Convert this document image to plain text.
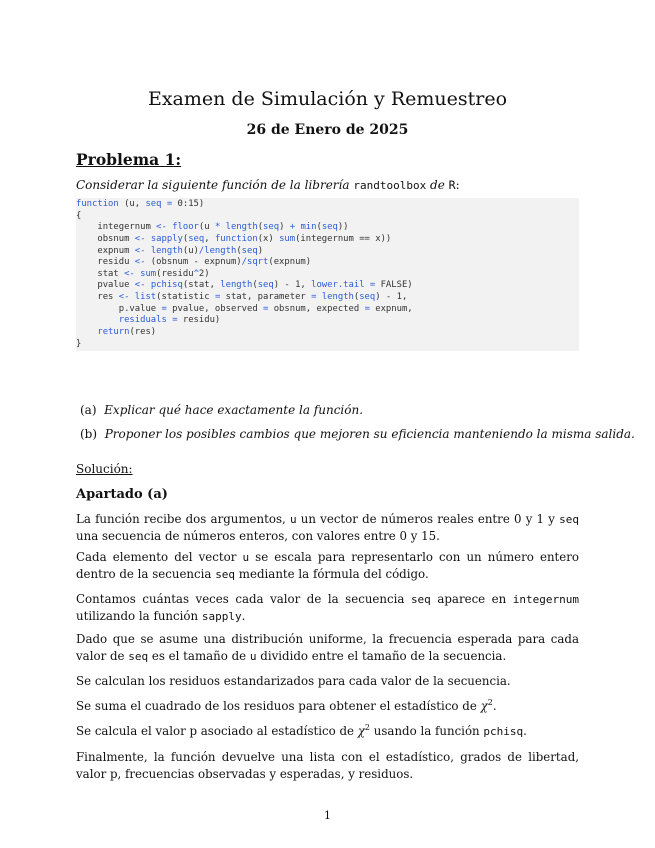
Examen de Simulación y Remuestreo
26 de Enero de 2025
Problema 1:

Considerar la siguiente función de la librería randtoolbox de R:

function (u, seq = 0:15)
{
integernum <- floor(u * length(seq) + min(seq))
obsnum <- sapply(seq, function(x) sum(integernum == x))
expnum <- length(u)/length(seq)
residu <- (obsnum - expnum)/sqrt(expnum)
stat <- sum(residu^2)
pvalue <- pchisq(stat, length(seq) - 1, lower.tail = FALSE)
res <- list(statistic = stat, parameter = length(seq) - 1,
p.value = pvalue, observed = obsnum, expected = expnum,
residuals = residu)
return(res)
}

(a) Explicar qué hace exactamente la función.

(b) Proponer los posibles cambios que mejoren su eficiencia manteniendo la misma salida.

Solución:
Apartado (a)

La función recibe dos argumentos, u un vector de números reales entre 0 y 1 y seq una secuencia de números enteros, con valores entre 0 y 15.

Cada elemento del vector u se escala para representarlo con un número entero dentro de la secuencia seq mediante la fórmula del código.

Contamos cuántas veces cada valor de la secuencia seq aparece en integernum utilizando la función sapply.

Dado que se asume una distribución uniforme, la frecuencia esperada para cada valor de seq es el tamaño de u dividido entre el tamaño de la secuencia.

Se calculan los residuos estandarizados para cada valor de la secuencia.

Se suma el cuadrado de los residuos para obtener el estadístico de $\chi^2$.

Se calcula el valor p asociado al estadístico de $\chi^2$ usando la función pchisq.

Finalmente, la función devuelve una lista con el estadístico, grados de libertad, valor p, frecuencias observadas y esperadas, y residuos.

1
